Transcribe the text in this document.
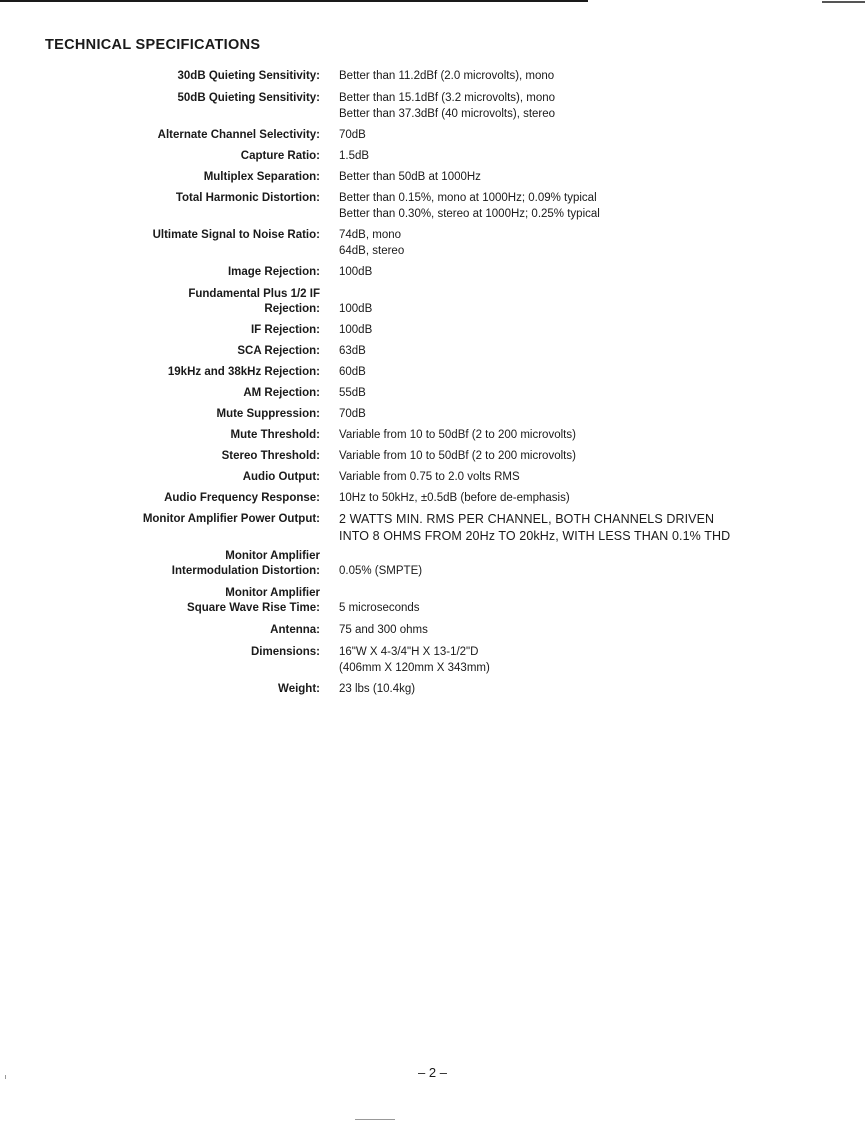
TECHNICAL SPECIFICATIONS
30dB Quieting Sensitivity: Better than 11.2dBf (2.0 microvolts), mono
50dB Quieting Sensitivity: Better than 15.1dBf (3.2 microvolts), mono
Better than 37.3dBf (40 microvolts), stereo
Alternate Channel Selectivity: 70dB
Capture Ratio: 1.5dB
Multiplex Separation: Better than 50dB at 1000Hz
Total Harmonic Distortion: Better than 0.15%, mono at 1000Hz; 0.09% typical
Better than 0.30%, stereo at 1000Hz; 0.25% typical
Ultimate Signal to Noise Ratio: 74dB, mono
64dB, stereo
Image Rejection: 100dB
Fundamental Plus 1/2 IF
Rejection: 100dB
IF Rejection: 100dB
SCA Rejection: 63dB
19kHz and 38kHz Rejection: 60dB
AM Rejection: 55dB
Mute Suppression: 70dB
Mute Threshold: Variable from 10 to 50dBf (2 to 200 microvolts)
Stereo Threshold: Variable from 10 to 50dBf (2 to 200 microvolts)
Audio Output: Variable from 0.75 to 2.0 volts RMS
Audio Frequency Response: 10Hz to 50kHz, ±0.5dB (before de-emphasis)
Monitor Amplifier Power Output: 2 WATTS MIN. RMS PER CHANNEL, BOTH CHANNELS DRIVEN
INTO 8 OHMS FROM 20Hz TO 20kHz, WITH LESS THAN 0.1% THD
Monitor Amplifier
Intermodulation Distortion: 0.05% (SMPTE)
Monitor Amplifier
Square Wave Rise Time: 5 microseconds
Antenna: 75 and 300 ohms
Dimensions: 16"W X 4-3/4"H X 13-1/2"D
(406mm X 120mm X 343mm)
Weight: 23 lbs (10.4kg)
– 2 –
